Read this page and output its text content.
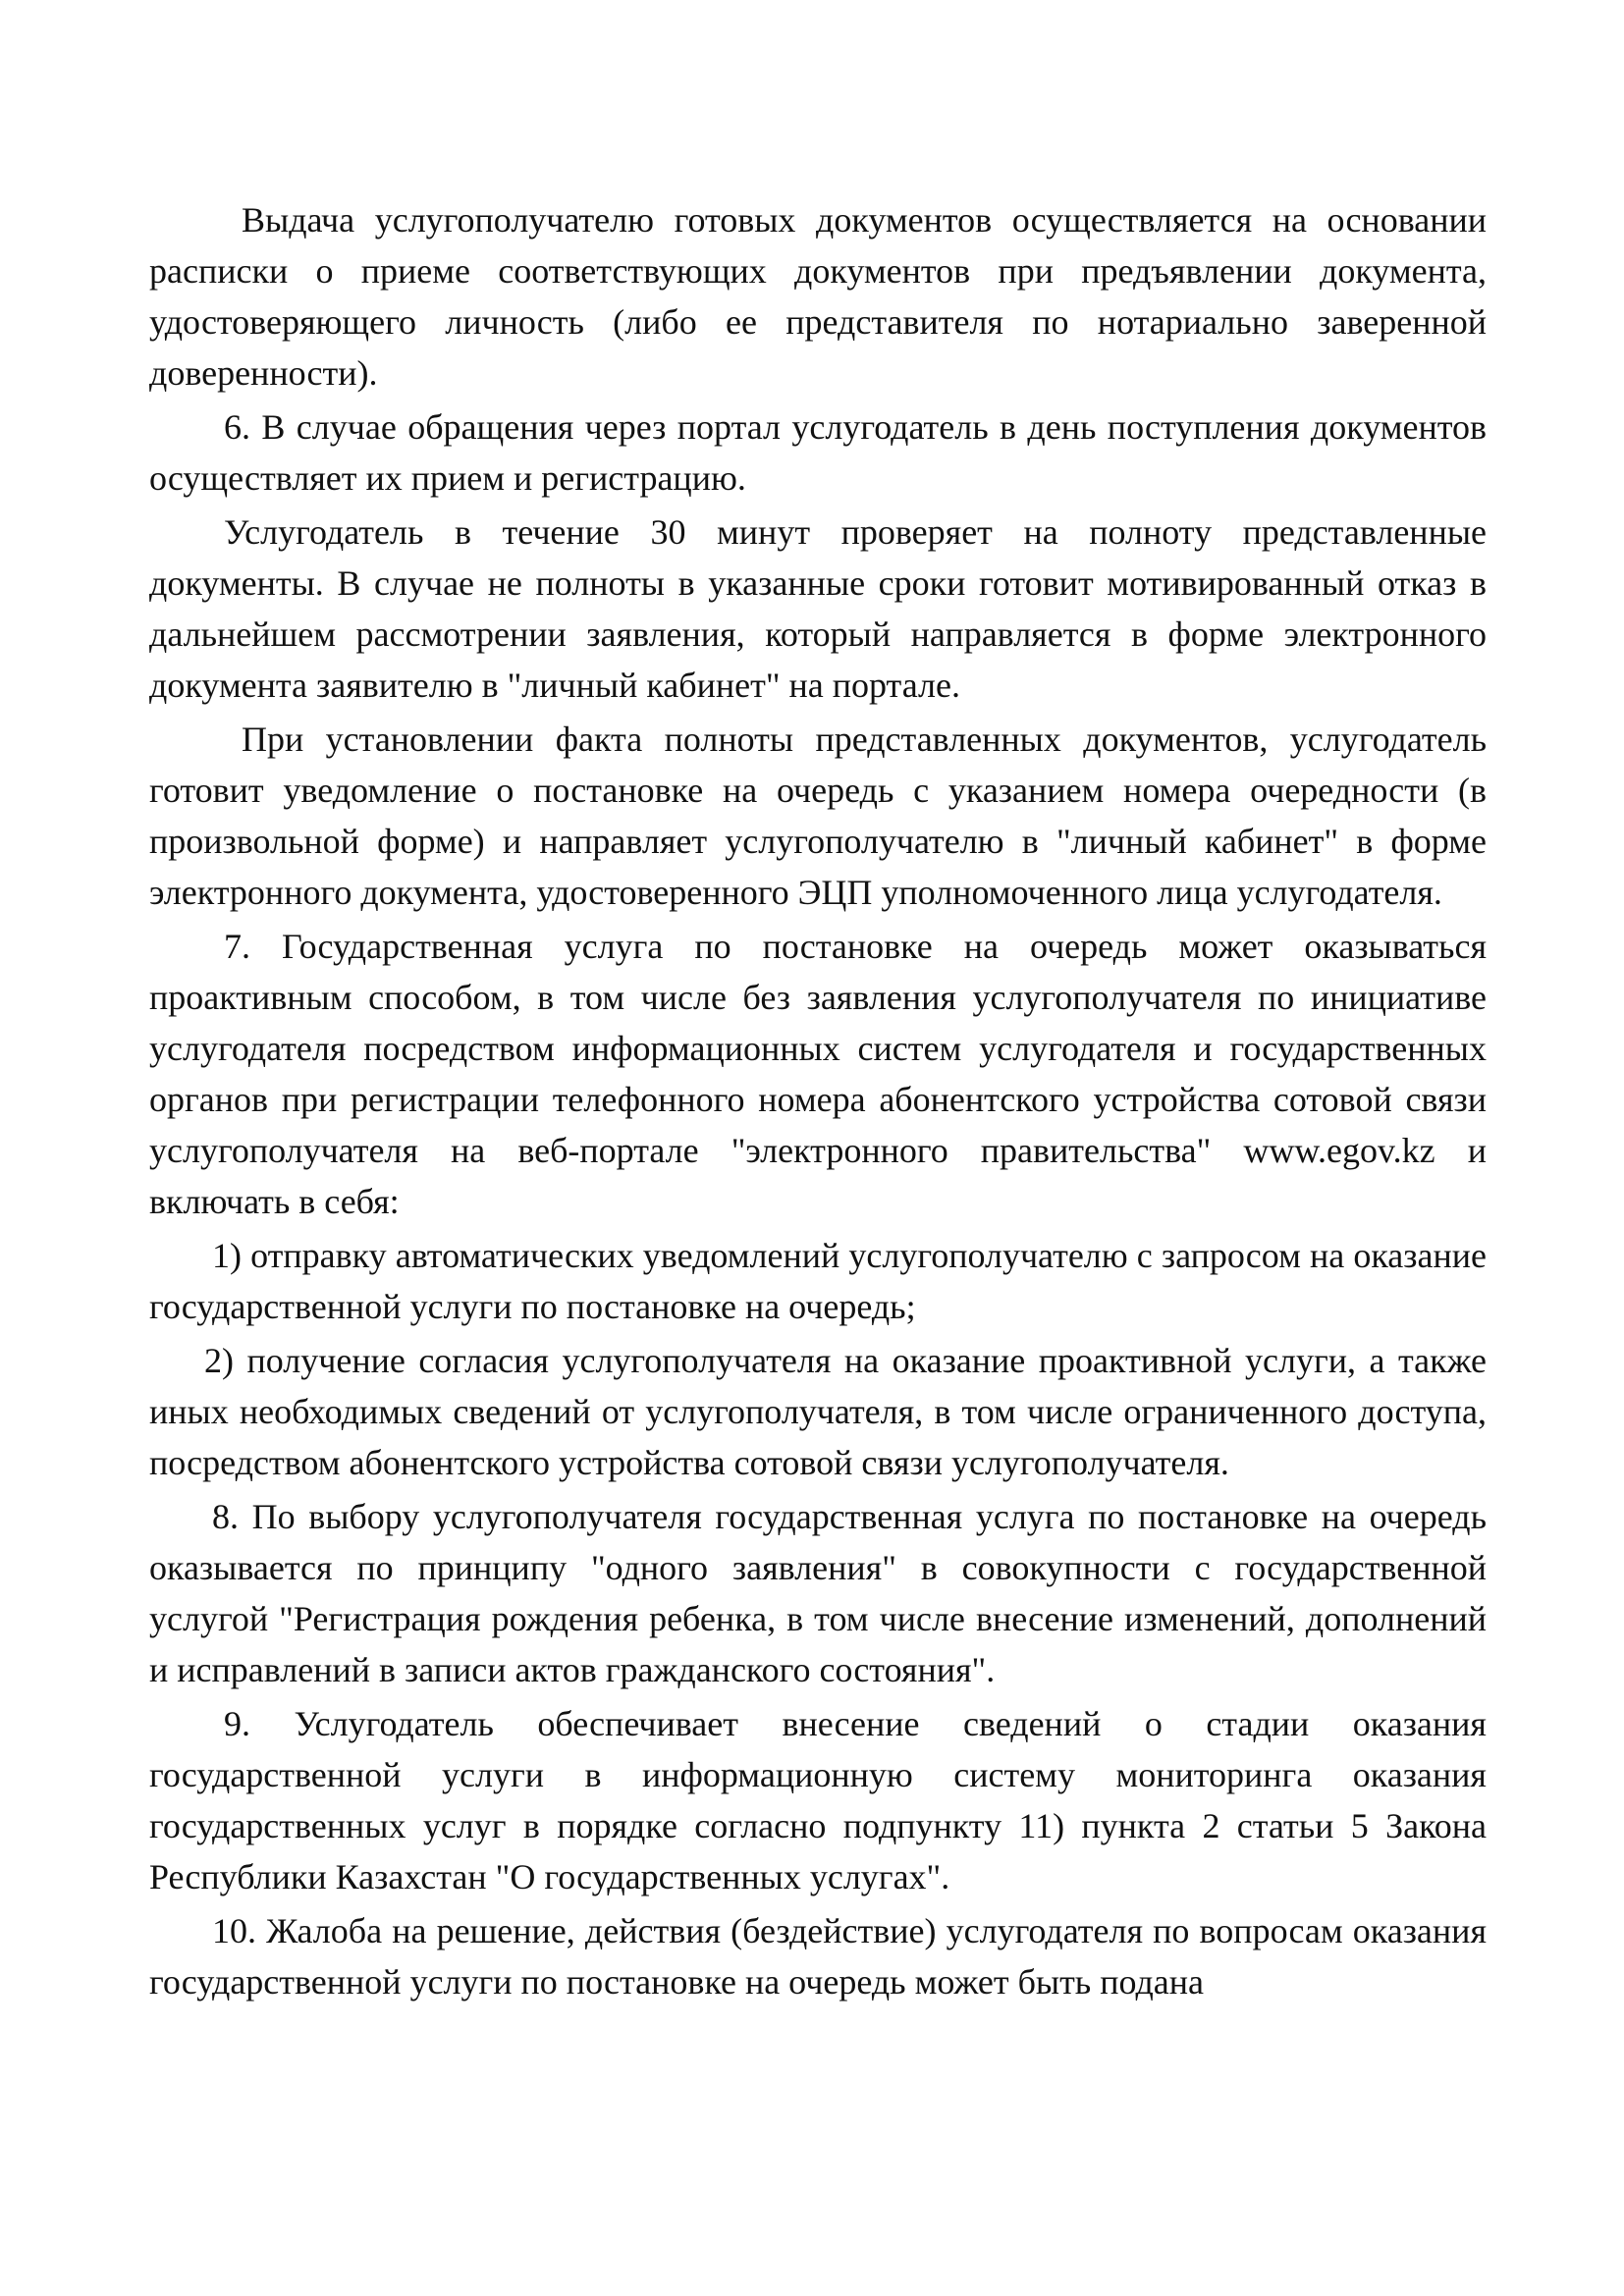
Выдача услугополучателю готовых документов осуществляется на основании расписки о приеме соответствующих документов при предъявлении документа, удостоверяющего личность (либо ее представителя по нотариально заверенной доверенности).

6. В случае обращения через портал услугодатель в день поступления документов осуществляет их прием и регистрацию.

Услугодатель в течение 30 минут проверяет на полноту представленные документы. В случае не полноты в указанные сроки готовит мотивированный отказ в дальнейшем рассмотрении заявления, который направляется в форме электронного документа заявителю в "личный кабинет" на портале.

При установлении факта полноты представленных документов, услугодатель готовит уведомление о постановке на очередь с указанием номера очередности (в произвольной форме) и направляет услугополучателю в "личный кабинет" в форме электронного документа, удостоверенного ЭЦП уполномоченного лица услугодателя.

7. Государственная услуга по постановке на очередь может оказываться проактивным способом, в том числе без заявления услугополучателя по инициативе услугодателя посредством информационных систем услугодателя и государственных органов при регистрации телефонного номера абонентского устройства сотовой связи услугополучателя на веб-портале "электронного правительства" www.egov.kz и включать в себя:

1) отправку автоматических уведомлений услугополучателю с запросом на оказание государственной услуги по постановке на очередь;

2) получение согласия услугополучателя на оказание проактивной услуги, а также иных необходимых сведений от услугополучателя, в том числе ограниченного доступа, посредством абонентского устройства сотовой связи услугополучателя.

8. По выбору услугополучателя государственная услуга по постановке на очередь оказывается по принципу "одного заявления" в совокупности с государственной услугой "Регистрация рождения ребенка, в том числе внесение изменений, дополнений и исправлений в записи актов гражданского состояния".

9. Услугодатель обеспечивает внесение сведений о стадии оказания государственной услуги в информационную систему мониторинга оказания государственных услуг в порядке согласно подпункту 11) пункта 2 статьи 5 Закона Республики Казахстан "О государственных услугах".

10. Жалоба на решение, действия (бездействие) услугодателя по вопросам оказания государственной услуги по постановке на очередь может быть подана
